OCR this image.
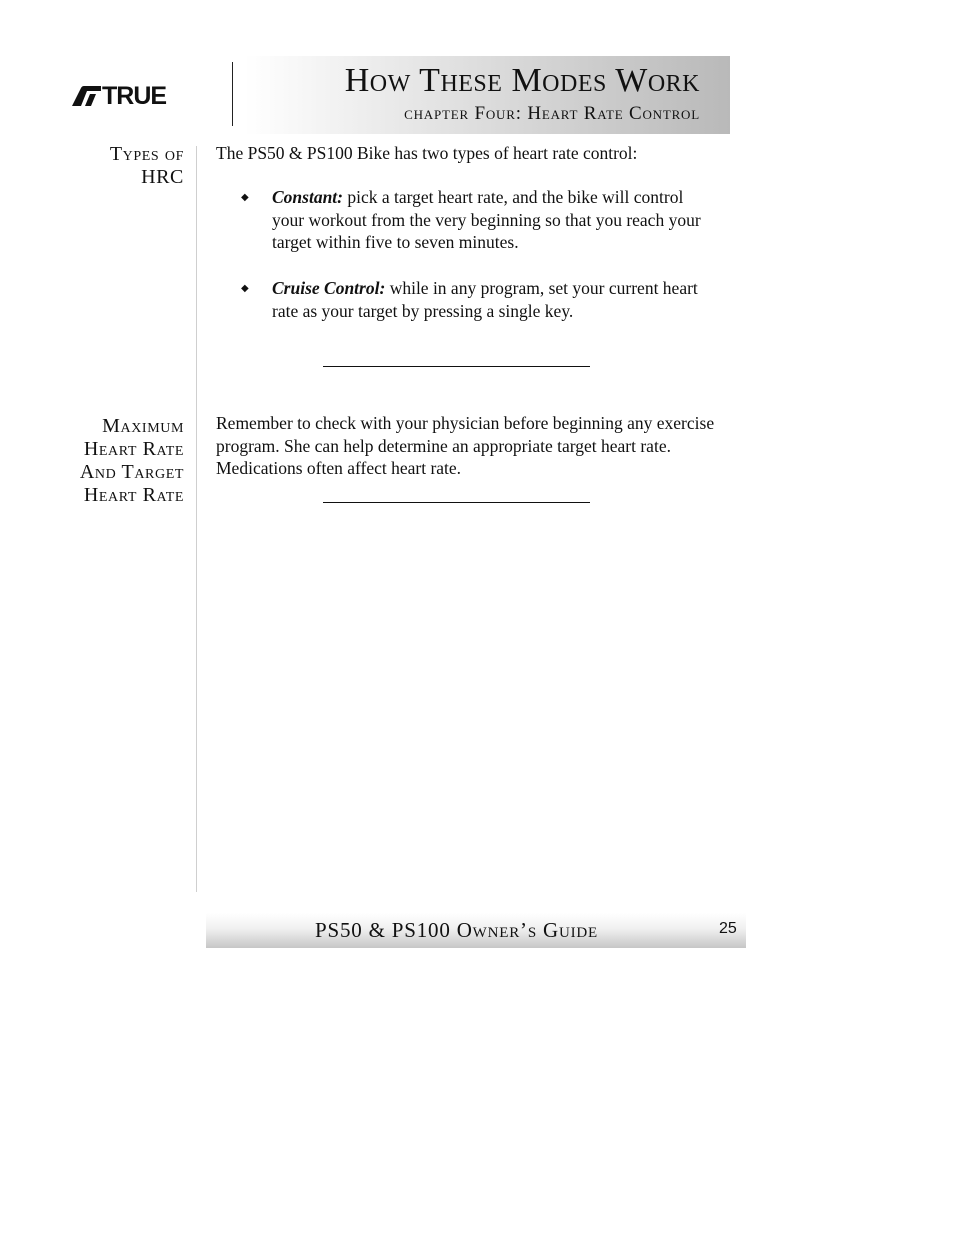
TRUE	How These Modes Work
chapter Four: Heart Rate Control
Types of
HRC
The PS50 & PS100 Bike has two types of heart rate control:
◆ Constant: pick a target heart rate, and the bike will control your workout from the very beginning so that you reach your target within five to seven minutes.
◆ Cruise Control: while in any program, set your current heart rate as your target by pressing a single key.
Maximum
Heart Rate
And Target
Heart Rate
Remember to check with your physician before beginning any exercise program. She can help determine an appropriate target heart rate. Medications often affect heart rate.
PS50 & PS100 Owner’s Guide	25
